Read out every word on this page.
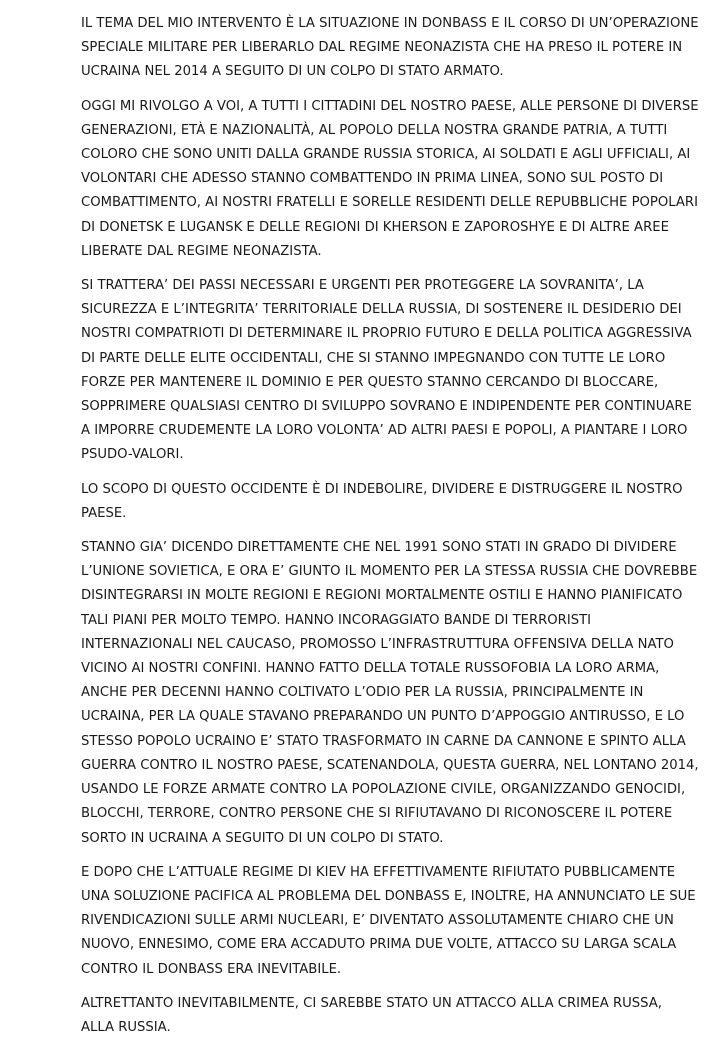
IL TEMA DEL MIO INTERVENTO È LA SITUAZIONE IN DONBASS E IL CORSO DI UN’OPERAZIONE
SPECIALE MILITARE PER LIBERARLO DAL REGIME NEONAZISTA CHE HA PRESO IL POTERE IN
UCRAINA NEL 2014 A SEGUITO DI UN COLPO DI STATO ARMATO.

OGGI MI RIVOLGO A VOI, A TUTTI I CITTADINI DEL NOSTRO PAESE, ALLE PERSONE DI DIVERSE
GENERAZIONI, ETÀ E NAZIONALITÀ, AL POPOLO DELLA NOSTRA GRANDE PATRIA, A TUTTI
COLORO CHE SONO UNITI DALLA GRANDE RUSSIA STORICA, AI SOLDATI E AGLI UFFICIALI, AI
VOLONTARI CHE ADESSO STANNO COMBATTENDO IN PRIMA LINEA, SONO SUL POSTO DI
COMBATTIMENTO, AI NOSTRI FRATELLI E SORELLE RESIDENTI DELLE REPUBBLICHE POPOLARI
DI DONETSK E LUGANSK E DELLE REGIONI DI KHERSON E ZAPOROSHYE E DI ALTRE AREE
LIBERATE DAL REGIME NEONAZISTA.

SI TRATTERA’ DEI PASSI NECESSARI E URGENTI PER PROTEGGERE LA SOVRANITA’, LA
SICUREZZA E L’INTEGRITA’ TERRITORIALE DELLA RUSSIA, DI SOSTENERE IL DESIDERIO DEI
NOSTRI COMPATRIOTI DI DETERMINARE IL PROPRIO FUTURO E DELLA POLITICA AGGRESSIVA
DI PARTE DELLE ELITE OCCIDENTALI, CHE SI STANNO IMPEGNANDO CON TUTTE LE LORO
FORZE PER MANTENERE IL DOMINIO E PER QUESTO STANNO CERCANDO DI BLOCCARE,
SOPPRIMERE QUALSIASI CENTRO DI SVILUPPO SOVRANO E INDIPENDENTE PER CONTINUARE
A IMPORRE CRUDEMENTE LA LORO VOLONTA’ AD ALTRI PAESI E POPOLI, A PIANTARE I LORO
PSUDO-VALORI.

LO SCOPO DI QUESTO OCCIDENTE È DI INDEBOLIRE, DIVIDERE E DISTRUGGERE IL NOSTRO
PAESE.

STANNO GIA’ DICENDO DIRETTAMENTE CHE NEL 1991 SONO STATI IN GRADO DI DIVIDERE
L’UNIONE SOVIETICA, E ORA E’ GIUNTO IL MOMENTO PER LA STESSA RUSSIA CHE DOVREBBE
DISINTEGRARSI IN MOLTE REGIONI E REGIONI MORTALMENTE OSTILI E HANNO PIANIFICATO
TALI PIANI PER MOLTO TEMPO. HANNO INCORAGGIATO BANDE DI TERRORISTI
INTERNAZIONALI NEL CAUCASO, PROMOSSO L’INFRASTRUTTURA OFFENSIVA DELLA NATO
VICINO AI NOSTRI CONFINI. HANNO FATTO DELLA TOTALE RUSSOFOBIA LA LORO ARMA,
ANCHE PER DECENNI HANNO COLTIVATO L’ODIO PER LA RUSSIA, PRINCIPALMENTE IN
UCRAINA, PER LA QUALE STAVANO PREPARANDO UN PUNTO D’APPOGGIO ANTIRUSSO, E LO
STESSO POPOLO UCRAINO E’ STATO TRASFORMATO IN CARNE DA CANNONE E SPINTO ALLA
GUERRA CONTRO IL NOSTRO PAESE, SCATENANDOLA, QUESTA GUERRA, NEL LONTANO 2014,
USANDO LE FORZE ARMATE CONTRO LA POPOLAZIONE CIVILE, ORGANIZZANDO GENOCIDI,
BLOCCHI, TERRORE, CONTRO PERSONE CHE SI RIFIUTAVANO DI RICONOSCERE IL POTERE
SORTO IN UCRAINA A SEGUITO DI UN COLPO DI STATO.

E DOPO CHE L’ATTUALE REGIME DI KIEV HA EFFETTIVAMENTE RIFIUTATO PUBBLICAMENTE
UNA SOLUZIONE PACIFICA AL PROBLEMA DEL DONBASS E, INOLTRE, HA ANNUNCIATO LE SUE
RIVENDICAZIONI SULLE ARMI NUCLEARI, E’ DIVENTATO ASSOLUTAMENTE CHIARO CHE UN
NUOVO, ENNESIMO, COME ERA ACCADUTO PRIMA DUE VOLTE, ATTACCO SU LARGA SCALA
CONTRO IL DONBASS ERA INEVITABILE.

ALTRETTANTO INEVITABILMENTE, CI SAREBBE STATO UN ATTACCO ALLA CRIMEA RUSSA,
ALLA RUSSIA.
